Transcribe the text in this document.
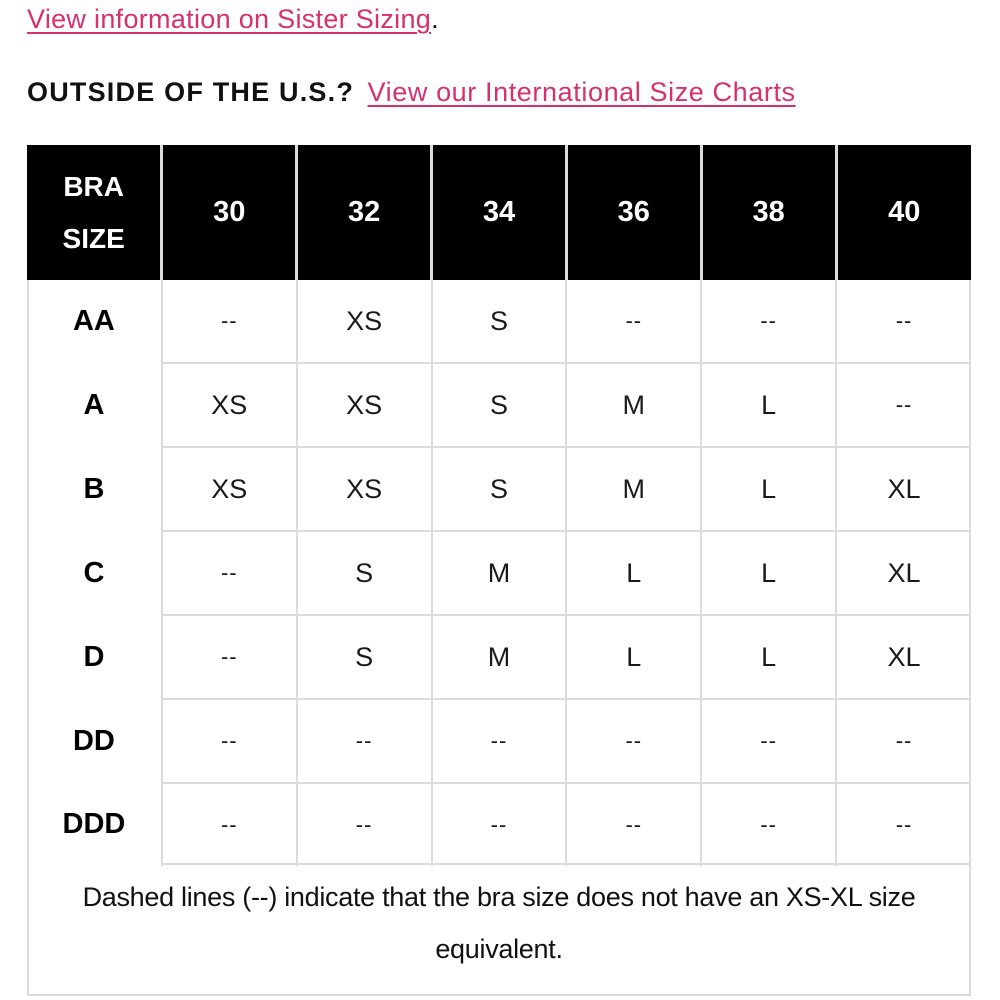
View information on Sister Sizing.
OUTSIDE OF THE U.S.? View our International Size Charts
BRA
SIZE	30	32	34	36	38	40
AA	--	XS	S	--	--	--
A	XS	XS	S	M	L	--
B	XS	XS	S	M	L	XL
C	--	S	M	L	L	XL
D	--	S	M	L	L	XL
DD	--	--	--	--	--	--
DDD	--	--	--	--	--	--
Dashed lines (--) indicate that the bra size does not have an XS-XL size equivalent.
